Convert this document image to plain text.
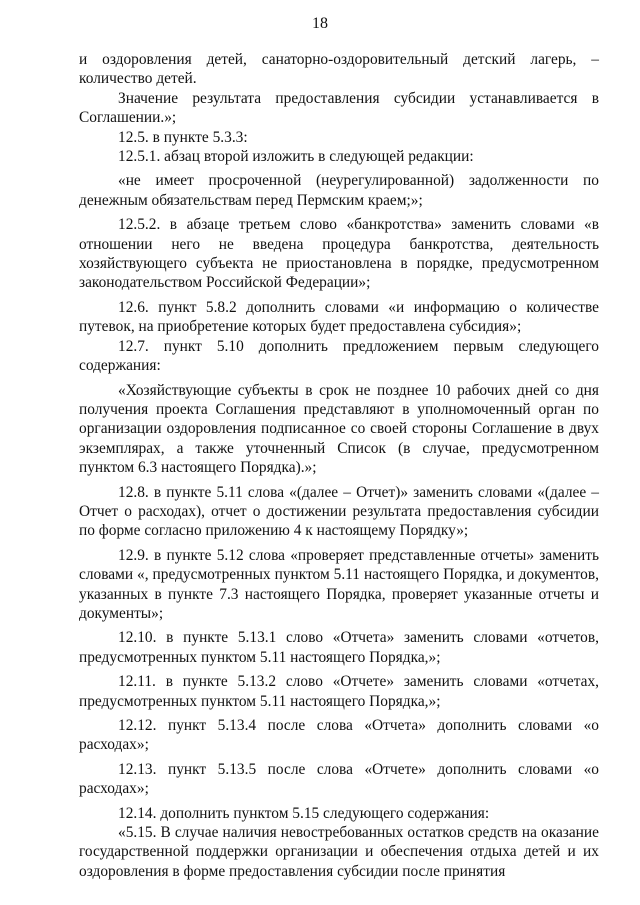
18

и оздоровления детей, санаторно-оздоровительный детский лагерь, – количество детей.

Значение результата предоставления субсидии устанавливается в Соглашении.»;

12.5. в пункте 5.3.3:

12.5.1. абзац второй изложить в следующей редакции:

«не имеет просроченной (неурегулированной) задолженности по денежным обязательствам перед Пермским краем;»;

12.5.2. в абзаце третьем слово «банкротства» заменить словами «в отношении него не введена процедура банкротства, деятельность хозяйствующего субъекта не приостановлена в порядке, предусмотренном законодательством Российской Федерации»;

12.6. пункт 5.8.2 дополнить словами «и информацию о количестве путевок, на приобретение которых будет предоставлена субсидия»;

12.7. пункт 5.10 дополнить предложением первым следующего содержания:

«Хозяйствующие субъекты в срок не позднее 10 рабочих дней со дня получения проекта Соглашения представляют в уполномоченный орган по организации оздоровления подписанное со своей стороны Соглашение в двух экземплярах, а также уточненный Список (в случае, предусмотренном пунктом 6.3 настоящего Порядка).»;

12.8. в пункте 5.11 слова «(далее – Отчет)» заменить словами «(далее – Отчет о расходах), отчет о достижении результата предоставления субсидии по форме согласно приложению 4 к настоящему Порядку»;

12.9. в пункте 5.12 слова «проверяет представленные отчеты» заменить словами «, предусмотренных пунктом 5.11 настоящего Порядка, и документов, указанных в пункте 7.3 настоящего Порядка, проверяет указанные отчеты и документы»;

12.10. в пункте 5.13.1 слово «Отчета» заменить словами «отчетов, предусмотренных пунктом 5.11 настоящего Порядка,»;

12.11. в пункте 5.13.2 слово «Отчете» заменить словами «отчетах, предусмотренных пунктом 5.11 настоящего Порядка,»;

12.12. пункт 5.13.4 после слова «Отчета» дополнить словами «о расходах»;

12.13. пункт 5.13.5 после слова «Отчете» дополнить словами «о расходах»;

12.14. дополнить пунктом 5.15 следующего содержания:

«5.15. В случае наличия невостребованных остатков средств на оказание государственной поддержки организации и обеспечения отдыха детей и их оздоровления в форме предоставления субсидии после принятия
